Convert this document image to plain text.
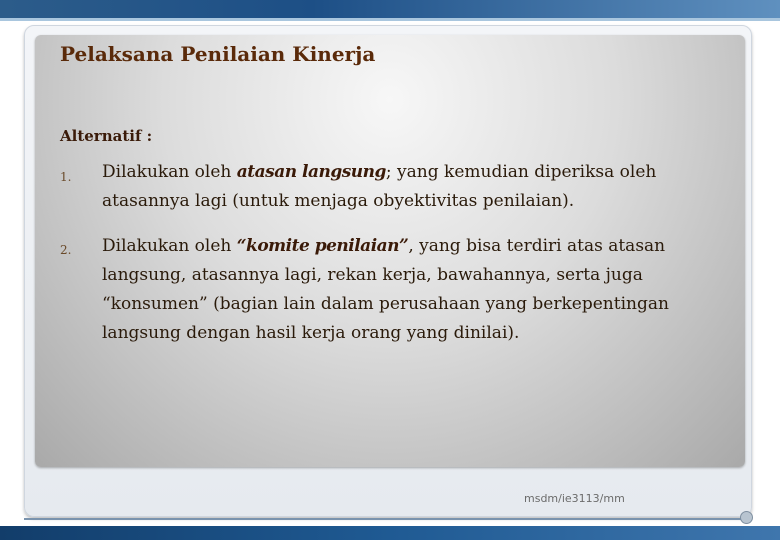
Pelaksana Penilaian Kinerja
Alternatif :
1. Dilakukan oleh atasan langsung; yang kemudian diperiksa oleh atasannya lagi (untuk menjaga obyektivitas penilaian).
2. Dilakukan oleh “komite penilaian”, yang bisa terdiri atas atasan langsung, atasannya lagi, rekan kerja, bawahannya, serta juga “konsumen” (bagian lain dalam perusahaan yang berkepentingan langsung dengan hasil kerja orang yang dinilai).
msdm/ie3113/mm
